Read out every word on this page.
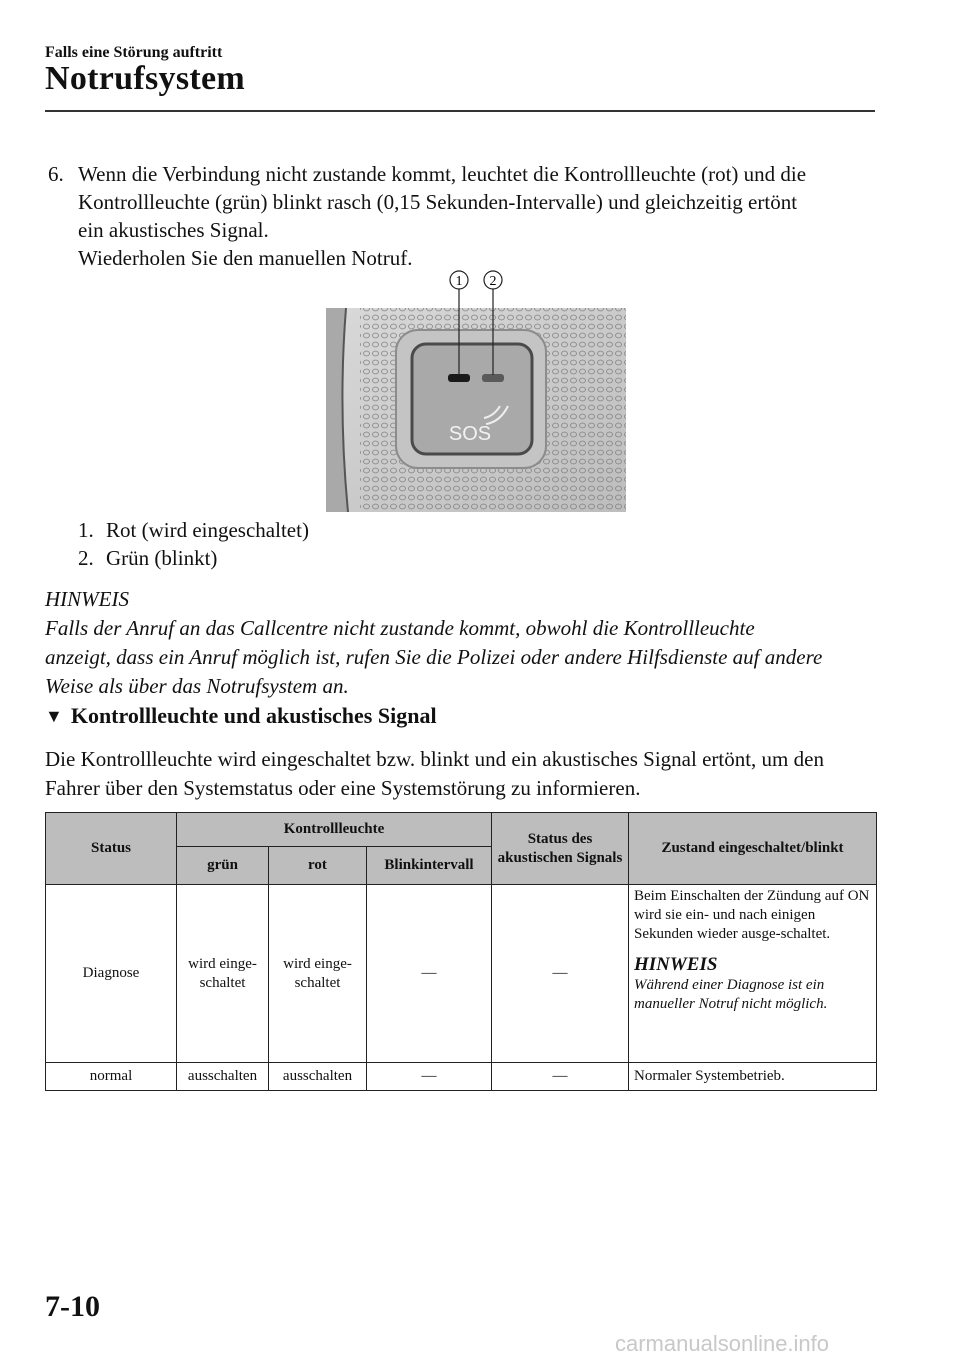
Falls eine Störung auftritt
Notrufsystem
6. Wenn die Verbindung nicht zustande kommt, leuchtet die Kontrollleuchte (rot) und die
Kontrollleuchte (grün) blinkt rasch (0,15 Sekunden-Intervalle) und gleichzeitig ertönt
ein akustisches Signal.
Wiederholen Sie den manuellen Notruf.
SOS
1 2
1. Rot (wird eingeschaltet)
2. Grün (blinkt)
HINWEIS
Falls der Anruf an das Callcentre nicht zustande kommt, obwohl die Kontrollleuchte
anzeigt, dass ein Anruf möglich ist, rufen Sie die Polizei oder andere Hilfsdienste auf andere
Weise als über das Notrufsystem an.
▼ Kontrollleuchte und akustisches Signal
Die Kontrollleuchte wird eingeschaltet bzw. blinkt und ein akustisches Signal ertönt, um den
Fahrer über den Systemstatus oder eine Systemstörung zu informieren.
Status	Kontrollleuchte			Status des akustischen Signals	Zustand eingeschaltet/blinkt
	grün	rot	Blinkintervall		
Diagnose	wird einge-schaltet	wird einge-schaltet	—	—	Beim Einschalten der Zündung auf ON wird sie ein- und nach einigen Sekunden wieder ausge-schaltet.
HINWEIS
Während einer Diagnose ist ein manueller Notruf nicht möglich.

normal	ausschalten	ausschalten	—	—	Normaler Systembetrieb.
7-10
carmanualsonline.info
